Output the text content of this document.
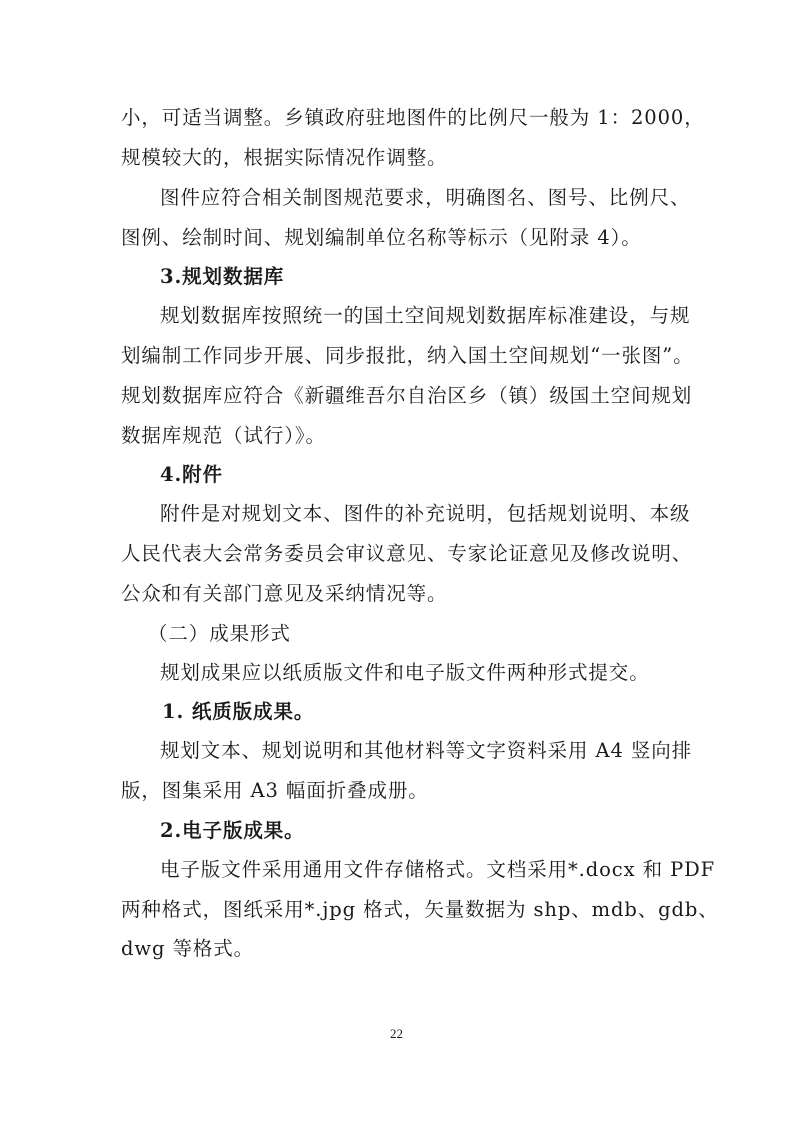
小，可适当调整。乡镇政府驻地图件的比例尺一般为 1：2000，
规模较大的，根据实际情况作调整。
图件应符合相关制图规范要求，明确图名、图号、比例尺、
图例、绘制时间、规划编制单位名称等标示（见附录 4）。
3.规划数据库
规划数据库按照统一的国土空间规划数据库标准建设，与规
划编制工作同步开展、同步报批，纳入国土空间规划“一张图”。
规划数据库应符合《新疆维吾尔自治区乡（镇）级国土空间规划
数据库规范（试行）》。
4.附件
附件是对规划文本、图件的补充说明，包括规划说明、本级
人民代表大会常务委员会审议意见、专家论证意见及修改说明、
公众和有关部门意见及采纳情况等。
（二）成果形式
规划成果应以纸质版文件和电子版文件两种形式提交。
1. 纸质版成果。
规划文本、规划说明和其他材料等文字资料采用 A4 竖向排
版，图集采用 A3 幅面折叠成册。
2.电子版成果。
电子版文件采用通用文件存储格式。文档采用*.docx 和 PDF
两种格式，图纸采用*.jpg 格式，矢量数据为 shp、mdb、gdb、
dwg 等格式。
22
